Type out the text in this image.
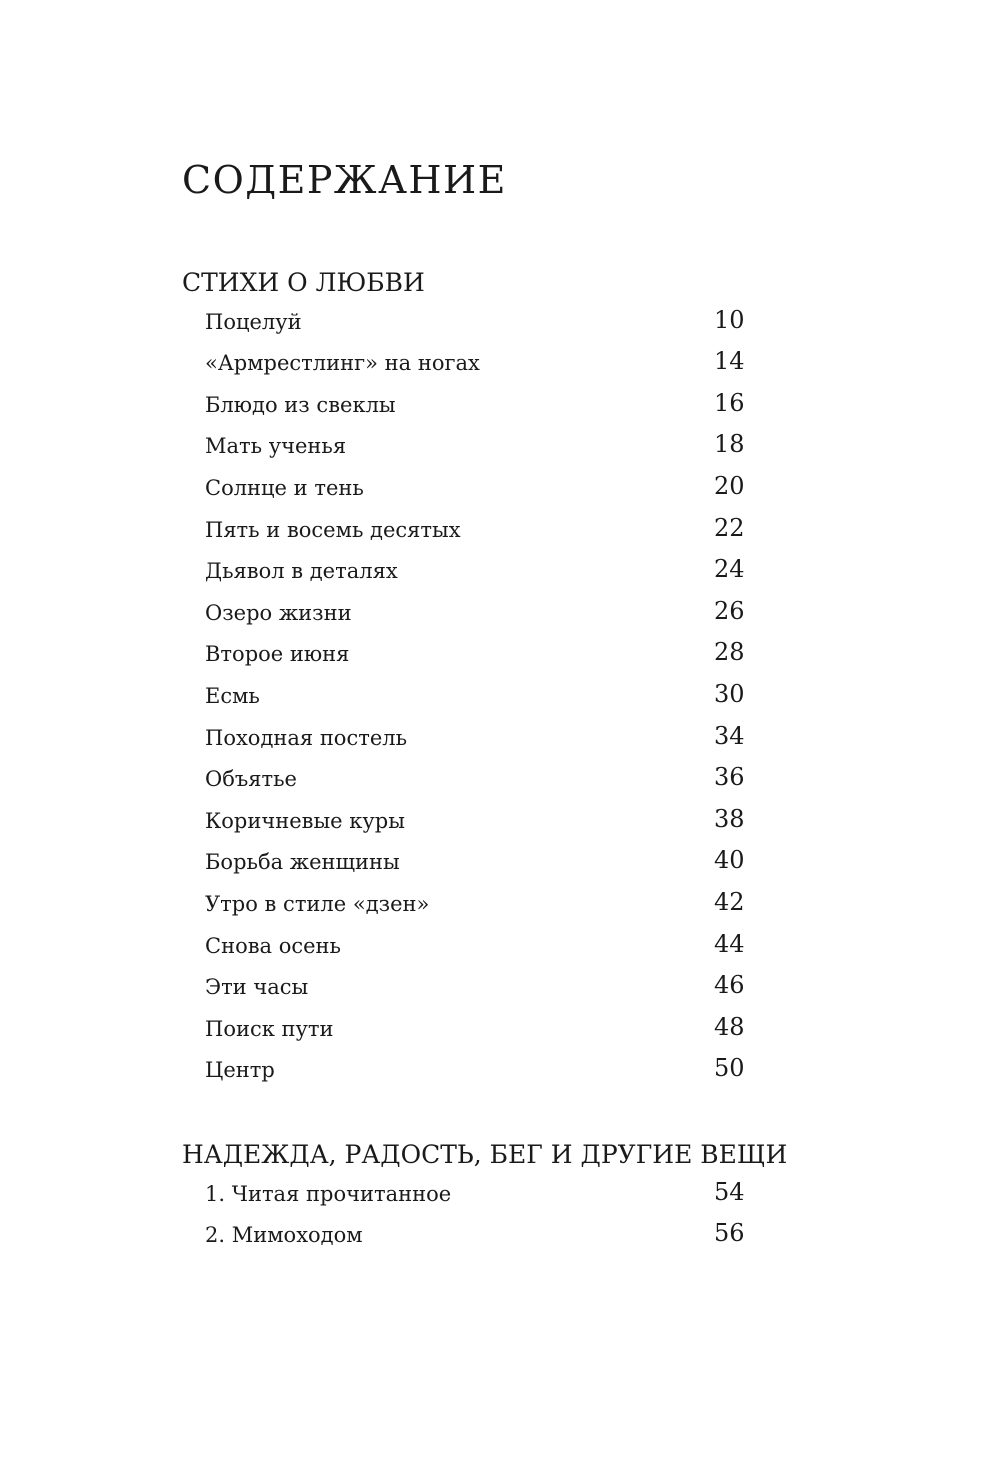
СОДЕРЖАНИЕ
СТИХИ О ЛЮБВИ
Поцелуй	10
«Армрестлинг» на ногах	14
Блюдо из свеклы	16
Мать ученья	18
Солнце и тень	20
Пять и восемь десятых	22
Дьявол в деталях	24
Озеро жизни	26
Второе июня	28
Есмь	30
Походная постель	34
Объятье	36
Коричневые куры	38
Борьба женщины	40
Утро в стиле «дзен»	42
Снова осень	44
Эти часы	46
Поиск пути	48
Центр	50
НАДЕЖДА, РАДОСТЬ, БЕГ И ДРУГИЕ ВЕЩИ
1. Читая прочитанное	54
2. Мимоходом	56
